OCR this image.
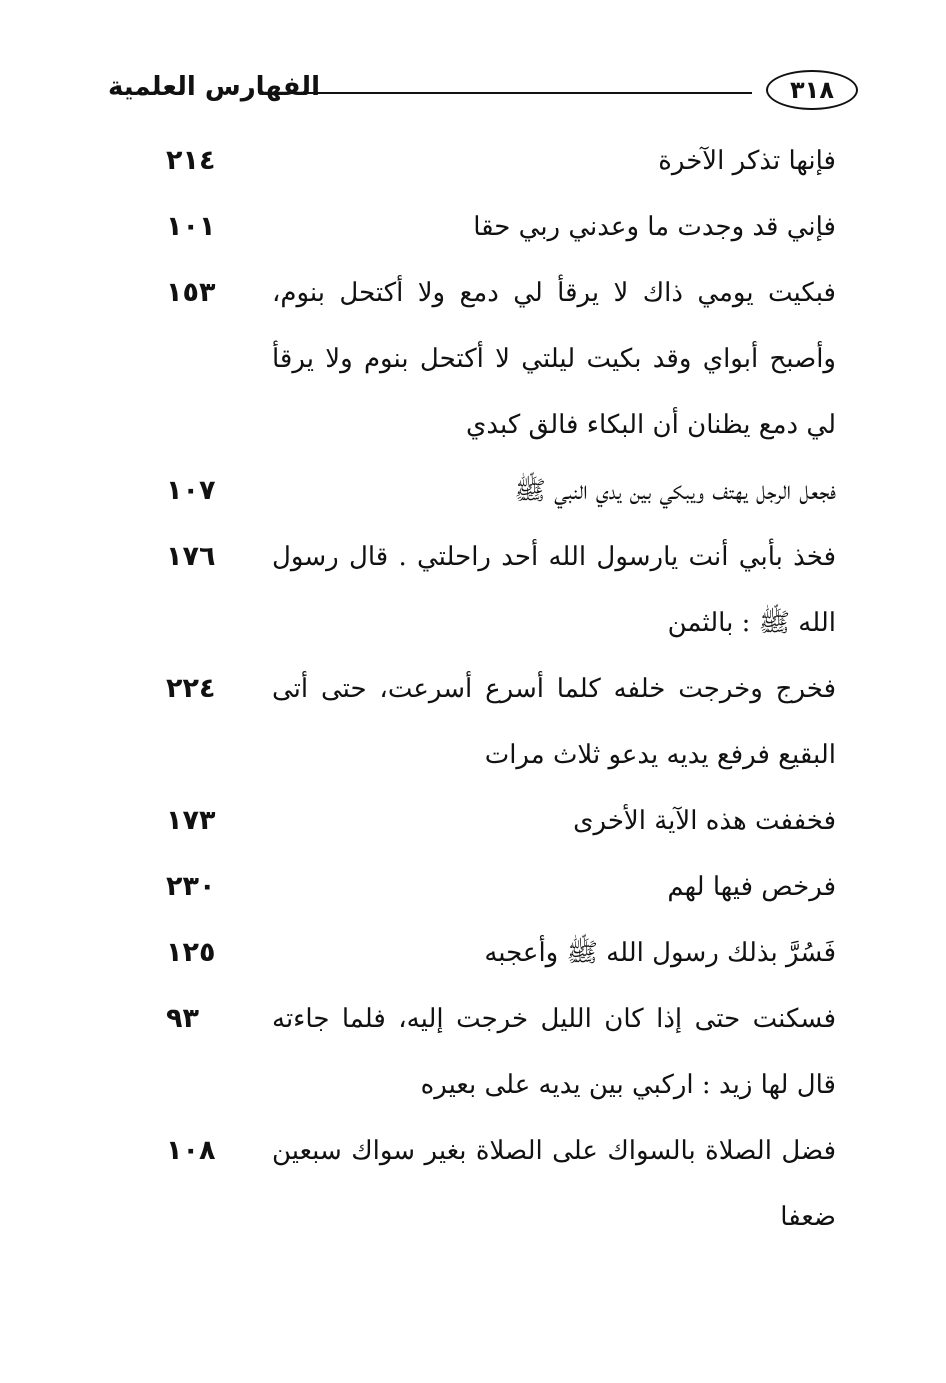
الفهارس العلمية	٣١٨
٢١٤	فإنها تذكر الآخرة
١٠١	فإني قد وجدت ما وعدني ربي حقا
١٥٣	فبكيت يومي ذاك لا يرقأ لي دمع ولا أكتحل بنوم، وأصبح أبواي وقد بكيت ليلتي لا أكتحل بنوم ولا يرقأ لي دمع يظنان أن البكاء فالق كبدي
١٠٧	فجعل الرجل يهتف ويبكي بين يدي النبي ﷺ
١٧٦	فخذ بأبي أنت يارسول الله أحد راحلتي . قال رسول الله ﷺ : بالثمن
٢٢٤	فخرج وخرجت خلفه كلما أسرع أسرعت، حتى أتى البقيع فرفع يديه يدعو ثلاث مرات
١٧٣	فخففت هذه الآية الأخرى
٢٣٠	فرخص فيها لهم
١٢٥	فَسُرَّ بذلك رسول الله ﷺ وأعجبه
٩٣	فسكنت حتى إذا كان الليل خرجت إليه، فلما جاءته قال لها زيد : اركبي بين يديه على بعيره
١٠٨	فضل الصلاة بالسواك على الصلاة بغير سواك سبعين ضعفا
